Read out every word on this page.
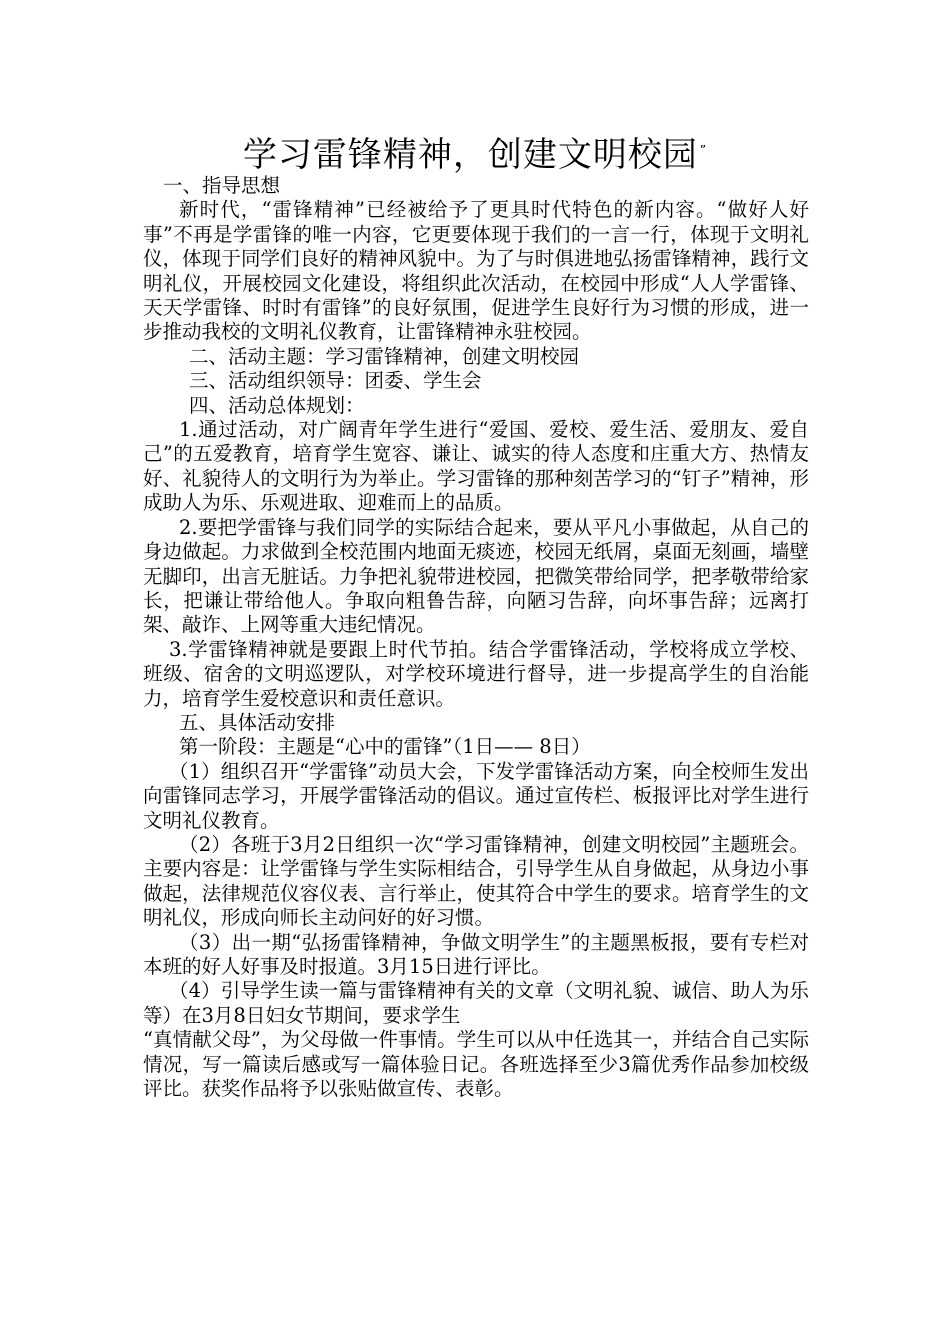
学习雷锋精神，创建文明校园 ”

一、指导思想

新时代，“雷锋精神”已经被给予了更具时代特色的新内容。“做好人好事”不再是学雷锋的唯一内容，它更要体现于我们的一言一行，体现于文明礼仪，体现于同学们良好的精神风貌中。为了与时俱进地弘扬雷锋精神，践行文明礼仪，开展校园文化建设，将组织此次活动，在校园中形成“人人学雷锋、天天学雷锋、时时有雷锋”的良好氛围，促进学生良好行为习惯的形成，进一步推动我校的文明礼仪教育，让雷锋精神永驻校园。

二、活动主题：学习雷锋精神，创建文明校园

三、活动组织领导：团委、学生会

四、活动总体规划：

1.通过活动，对广阔青年学生进行“爱国、爱校、爱生活、爱朋友、爱自己”的五爱教育，培育学生宽容、谦让、诚实的待人态度和庄重大方、热情友好、礼貌待人的文明行为为举止。学习雷锋的那种刻苦学习的“钉子”精神，形成助人为乐、乐观进取、迎难而上的品质。

2.要把学雷锋与我们同学的实际结合起来，要从平凡小事做起，从自己的身边做起。力求做到全校范围内地面无痰迹，校园无纸屑，桌面无刻画，墙壁无脚印，出言无脏话。力争把礼貌带进校园，把微笑带给同学，把孝敬带给家长，把谦让带给他人。争取向粗鲁告辞，向陋习告辞，向坏事告辞；远离打架、敲诈、上网等重大违纪情况。

3.学雷锋精神就是要跟上时代节拍。结合学雷锋活动，学校将成立学校、班级、宿舍的文明巡逻队，对学校环境进行督导，进一步提高学生的自治能力，培育学生爱校意识和责任意识。

五、具体活动安排

第一阶段：主题是“心中的雷锋”（1日—— 8日）

（1）组织召开“学雷锋”动员大会，下发学雷锋活动方案，向全校师生发出向雷锋同志学习，开展学雷锋活动的倡议。通过宣传栏、板报评比对学生进行文明礼仪教育。

（2）各班于3月2日组织一次“学习雷锋精神，创建文明校园”主题班会。主要内容是：让学雷锋与学生实际相结合，引导学生从自身做起，从身边小事做起，法律规范仪容仪表、言行举止，使其符合中学生的要求。培育学生的文明礼仪，形成向师长主动问好的好习惯。

（3）出一期“弘扬雷锋精神，争做文明学生”的主题黑板报，要有专栏对本班的好人好事及时报道。3月15日进行评比。

（4）引导学生读一篇与雷锋精神有关的文章（文明礼貌、诚信、助人为乐等）在3月8日妇女节期间，要求学生

“真情献父母”，为父母做一件事情。学生可以从中任选其一，并结合自己实际情况，写一篇读后感或写一篇体验日记。各班选择至少3篇优秀作品参加校级评比。获奖作品将予以张贴做宣传、表彰。
